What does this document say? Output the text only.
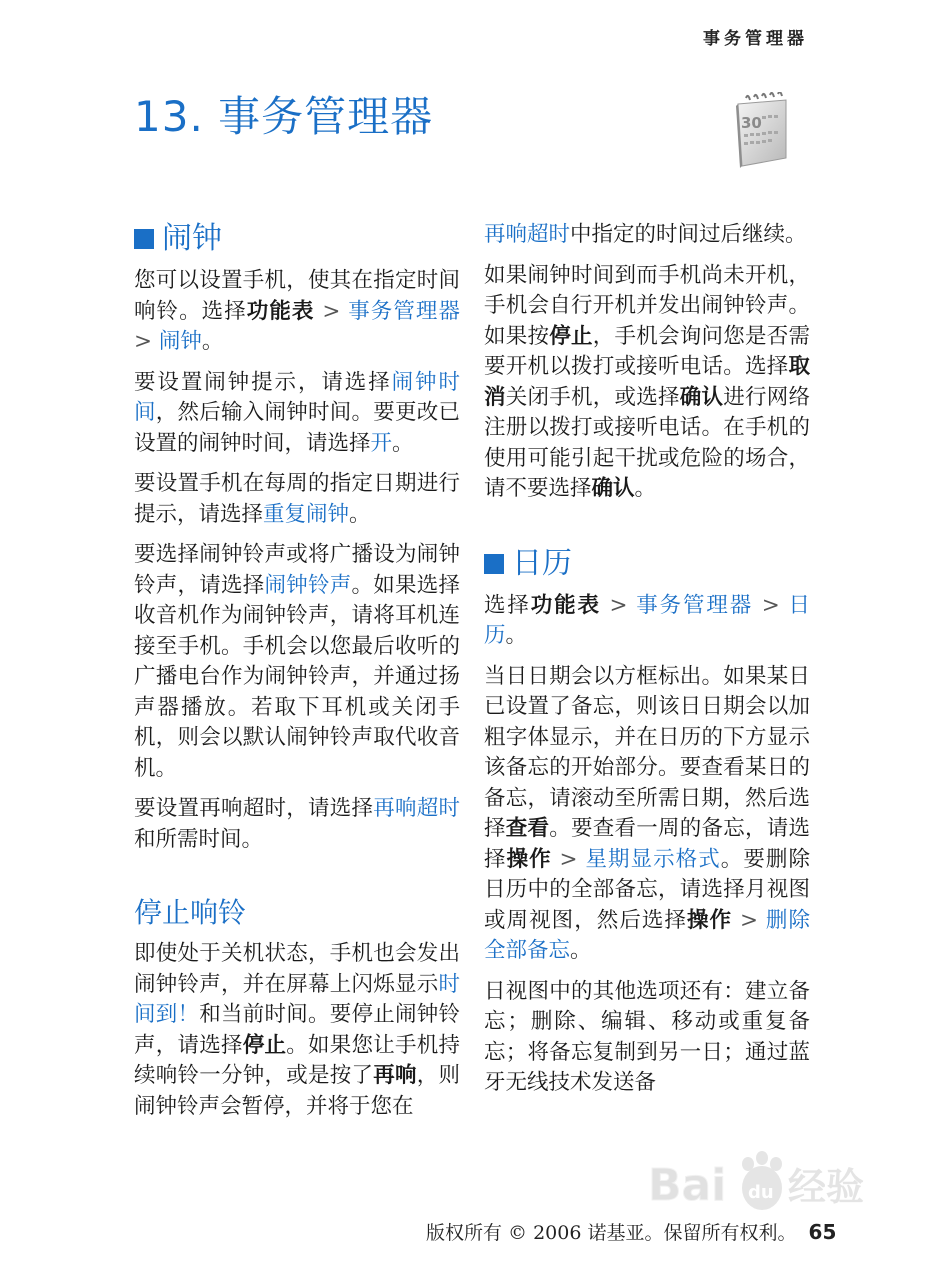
事务管理器
13. 事务管理器	30
闹钟

您可以设置手机，使其在指定时间响铃。选择功能表 > 事务管理器 > 闹钟。

要设置闹钟提示，请选择闹钟时间，然后输入闹钟时间。要更改已设置的闹钟时间，请选择开。

要设置手机在每周的指定日期进行提示，请选择重复闹钟。

要选择闹钟铃声或将广播设为闹钟铃声，请选择闹钟铃声。如果选择收音机作为闹钟铃声，请将耳机连接至手机。手机会以您最后收听的广播电台作为闹钟铃声，并通过扬声器播放。若取下耳机或关闭手机，则会以默认闹钟铃声取代收音机。

要设置再响超时，请选择再响超时和所需时间。

停止响铃

即使处于关机状态，手机也会发出闹钟铃声，并在屏幕上闪烁显示时间到！和当前时间。要停止闹钟铃声，请选择停止。如果您让手机持续响铃一分钟，或是按了再响，则闹钟铃声会暂停，并将于您在

再响超时中指定的时间过后继续。

如果闹钟时间到而手机尚未开机，手机会自行开机并发出闹钟铃声。如果按停止，手机会询问您是否需要开机以拨打或接听电话。选择取消关闭手机，或选择确认进行网络注册以拨打或接听电话。在手机的使用可能引起干扰或危险的场合，请不要选择确认。

日历

选择功能表 > 事务管理器 > 日历。

当日日期会以方框标出。如果某日已设置了备忘，则该日日期会以加粗字体显示，并在日历的下方显示该备忘的开始部分。要查看某日的备忘，请滚动至所需日期，然后选择查看。要查看一周的备忘，请选择操作 > 星期显示格式。要删除日历中的全部备忘，请选择月视图或周视图，然后选择操作 > 删除全部备忘。

日视图中的其他选项还有：建立备忘；删除、编辑、移动或重复备忘；将备忘复制到另一日；通过蓝牙无线技术发送备

Bai du 经验
版权所有 © 2006 诺基亚。保留所有权利。 65
